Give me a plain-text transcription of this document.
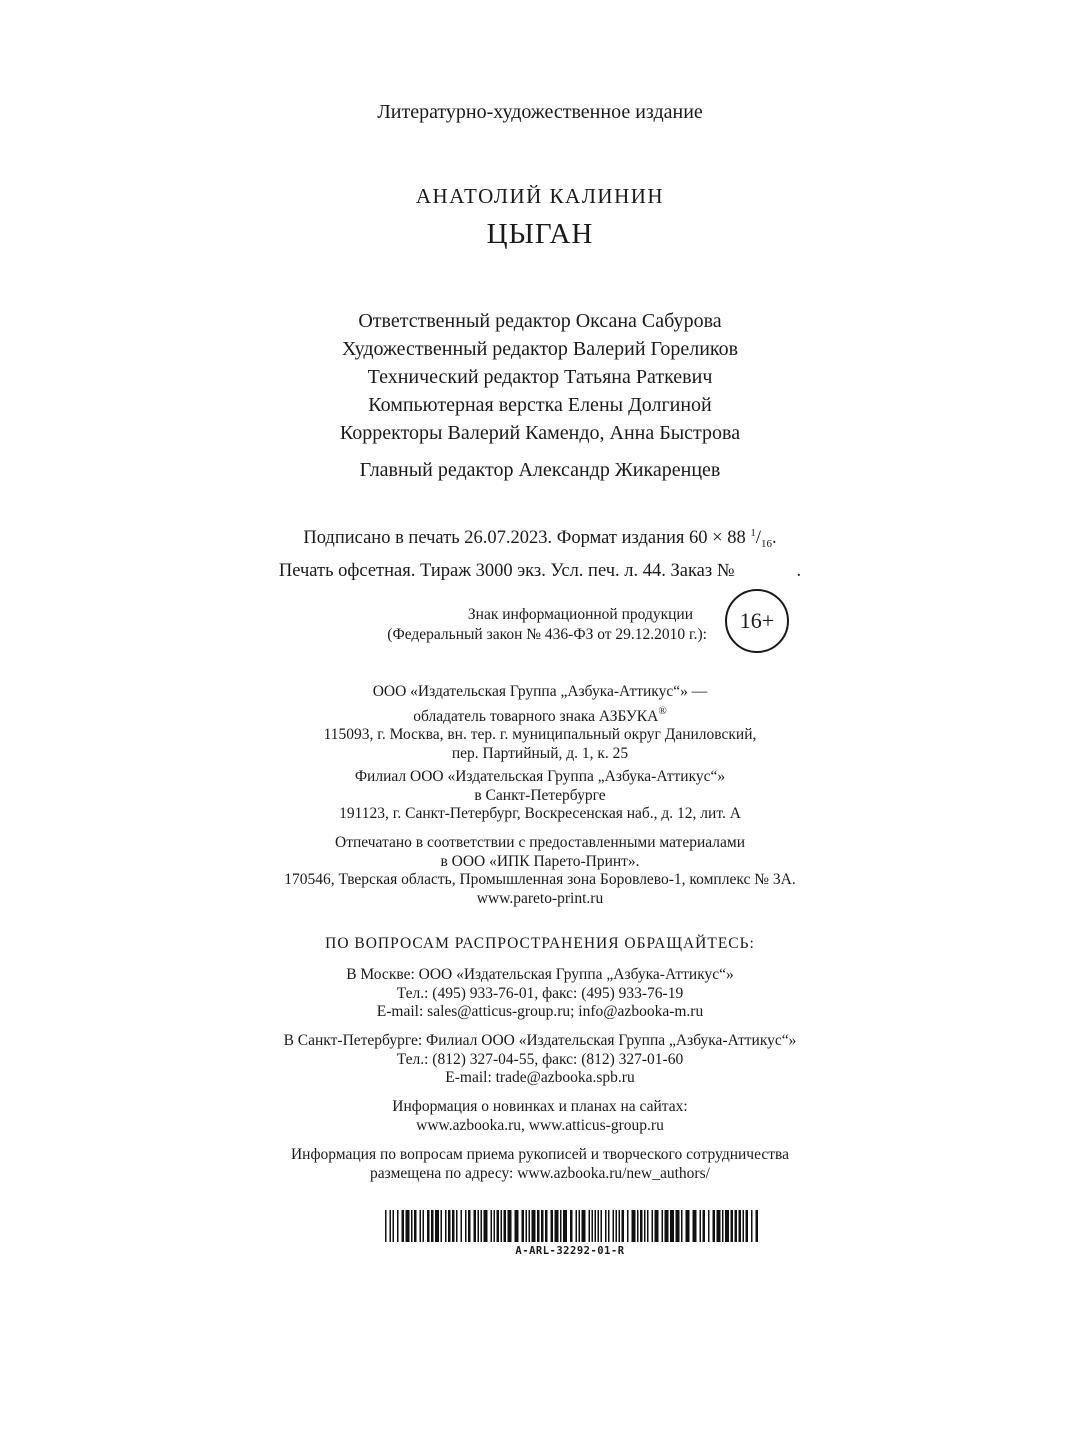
Литературно-художественное издание
АНАТОЛИЙ КАЛИНИН
ЦЫГАН
Ответственный редактор Оксана Сабурова
Художественный редактор Валерий Гореликов
Технический редактор Татьяна Раткевич
Компьютерная верстка Елены Долгиной
Корректоры Валерий Камендо, Анна Быстрова
Главный редактор Александр Жикаренцев
Подписано в печать 26.07.2023. Формат издания 60 × 88 $^1/_{16}$.
Печать офсетная. Тираж 3000 экз. Усл. печ. л. 44. Заказ №	.
Знак информационной продукции
(Федеральный закон № 436-ФЗ от 29.12.2010 г.):
16+
ООО «Издательская Группа „Азбука-Аттикус“» —
обладатель товарного знака АЗБУКА®
115093, г. Москва, вн. тер. г. муниципальный округ Даниловский,
пер. Партийный, д. 1, к. 25
Филиал ООО «Издательская Группа „Азбука-Аттикус“»
в Санкт-Петербурге
191123, г. Санкт-Петербург, Воскресенская наб., д. 12, лит. А
Отпечатано в соответствии с предоставленными материалами
в ООО «ИПК Парето-Принт».
170546, Тверская область, Промышленная зона Боровлево-1, комплекс № 3А.
www.pareto-print.ru
ПО ВОПРОСАМ РАСПРОСТРАНЕНИЯ ОБРАЩАЙТЕСЬ:
В Москве: ООО «Издательская Группа „Азбука-Аттикус“»
Тел.: (495) 933-76-01, факс: (495) 933-76-19
E-mail: sales@atticus-group.ru; info@azbooka-m.ru
В Санкт-Петербурге: Филиал ООО «Издательская Группа „Азбука-Аттикус“»
Тел.: (812) 327-04-55, факс: (812) 327-01-60
E-mail: trade@azbooka.spb.ru
Информация о новинках и планах на сайтах:
www.azbooka.ru, www.atticus-group.ru
Информация по вопросам приема рукописей и творческого сотрудничества
размещена по адресу: www.azbooka.ru/new_authors/
A-ARL-32292-01-R
